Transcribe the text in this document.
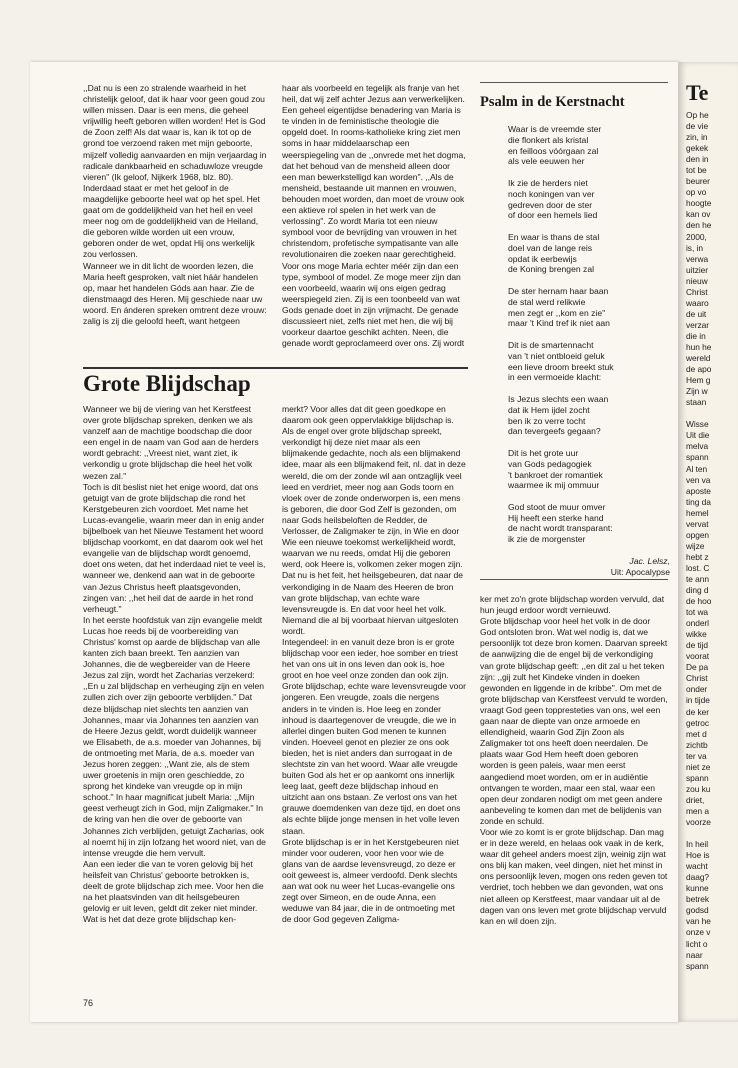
,,Dat nu is een zo stralende waarheid in het christelijk geloof, dat ik haar voor geen goud zou willen missen. Daar is een mens, die geheel vrijwillig heeft geboren willen worden! Het is God de Zoon zelf! Als dat waar is, kan ik tot op de grond toe verzoend raken met mijn geboorte, mijzelf volledig aanvaarden en mijn verjaardag in radicale dankbaarheid en schaduwloze vreugde vieren'' (Ik geloof, Nijkerk 1968, blz. 80).
Inderdaad staat er met het geloof in de maagdelijke geboorte heel wat op het spel. Het gaat om de goddelijkheid van het heil en veel meer nog om de goddelijkheid van de Heiland, die geboren wilde worden uit een vrouw, geboren onder de wet, opdat Hij ons werkelijk zou verlossen.
Wanneer we in dit licht de woorden lezen, die Maria heeft gesproken, valt niet háár handelen op, maar het handelen Góds aan haar. Zie de dienstmaagd des Heren. Mij geschiede naar uw woord. En ánderen spreken omtrent deze vrouw: zalig is zij die geloofd heeft, want hetgeen
haar als voorbeeld en tegelijk als franje van het heil, dat wij zelf achter Jezus aan verwerkelijken. Een geheel eigentijdse benadering van Maria is te vinden in de feministische theologie die opgeld doet. In rooms-katholieke kring ziet men soms in haar middelaarschap een weerspiegeling van de ,,onvrede met het dogma, dat het behoud van de mensheid alleen door een man bewerkstelligd kan worden''. ,,Als de mensheid, bestaande uit mannen en vrouwen, behouden moet worden, dan moet de vrouw ook een aktieve rol spelen in het werk van de verlossing''. Zo wordt Maria tot een nieuw symbool voor de bevrijding van vrouwen in het christendom, profetische sympatisante van alle revolutionairen die zoeken naar gerechtigheid. Voor ons moge Maria echter méér zijn dan een type, symbool of model. Ze moge meer zijn dan een voorbeeld, waarin wij ons eigen gedrag weerspiegeld zien. Zij is een toonbeeld van wat Gods genade doet in zijn vrijmacht. De genade discussieert niet, zelfs niet met hen, die wij bij voorkeur daartoe geschikt achten. Neen, die genade wordt geproclameerd over ons. Zij wordt

Psalm in de Kerstnacht
Waar is de vreemde ster
die flonkert als kristal
en feilloos vóórgaan zal
als vele eeuwen her
Ik zie de herders niet
noch koningen van ver
gedreven door de ster
of door een hemels lied
En waar is thans de stal
doel van de lange reis
opdat ik eerbewijs
de Koning brengen zal
De ster hernam haar baan
de stal werd relikwie
men zegt er ,,kom en zie''
maar 't Kind tref ik niet aan
Dit is de smartennacht
van 't niet ontbloeid geluk
een lieve droom breekt stuk
in een vermoeide klacht:
Is Jezus slechts een waan
dat ik Hem ijdel zocht
ben ik zo verre tocht
dan tevergeefs gegaan?
Dit is het grote uur
van Gods pedagogiek
't bankroet der romantiek
waarmee ik mij ommuur
God stoot de muur omver
Hij heeft een sterke hand
de nacht wordt transparant:
ik zie de morgenster
Jac. Lelsz,
Uit: Apocalypse
Grote Blijdschap
Wanneer we bij de viering van het Kerstfeest over grote blijdschap spreken, denken we als vanzelf aan de machtige boodschap die door een engel in de naam van God aan de herders wordt gebracht: ,,Vreest niet, want ziet, ik verkondig u grote blijdschap die heel het volk wezen zal.''
Toch is dit beslist niet het enige woord, dat ons getuigt van de grote blijdschap die rond het Kerstgebeuren zich voordoet. Met name het Lucas-evangelie, waarin meer dan in enig ander bijbelboek van het Nieuwe Testament het woord blijdschap voorkomt, en dat daarom ook wel het evangelie van de blijdschap wordt genoemd, doet ons weten, dat het inderdaad niet te veel is, wanneer we, denkend aan wat in de geboorte van Jezus Christus heeft plaatsgevonden, zingen van: ,,het heil dat de aarde in het rond verheugt.''
In het eerste hoofdstuk van zijn evangelie meldt Lucas hoe reeds bij de voorbereiding van Christus' komst op aarde de blijdschap van alle kanten zich baan breekt. Ten aanzien van Johannes, die de wegbereider van de Heere Jezus zal zijn, wordt het Zacharias verzekerd: ,,En u zal blijdschap en verheuging zijn en velen zullen zich over zijn geboorte verblijden.'' Dat deze blijdschap niet slechts ten aanzien van Johannes, maar via Johannes ten aanzien van de Heere Jezus geldt, wordt duidelijk wanneer we Elisabeth, de a.s. moeder van Johannes, bij de ontmoeting met Maria, de a.s. moeder van Jezus horen zeggen: ,,Want zie, als de stem uwer groetenis in mijn oren geschiedde, zo sprong het kindeke van vreugde op in mijn schoot.'' In haar magnificat jubelt Maria: ,,Mijn geest verheugt zich in God, mijn Zaligmaker.'' In de kring van hen die over de geboorte van Johannes zich verblijden, getuigt Zacharias, ook al noemt hij in zijn lofzang het woord niet, van de intense vreugde die hem vervult.
Aan een ieder die van te voren gelovig bij het heilsfeit van Christus' geboorte betrokken is, deelt de grote blijdschap zich mee. Voor hen die na het plaatsvinden van dit heilsgebeuren gelovig er uit leven, geldt dit zeker niet minder.
Wat is het dat deze grote blijdschap ken-
merkt? Voor alles dat dit geen goedkope en daarom ook geen oppervlakkige blijdschap is. Als de engel over grote blijdschap spreekt, verkondigt hij deze niet maar als een blijmakende gedachte, noch als een blijmakend idee, maar als een blijmakend feit, nl. dat in deze wereld, die om der zonde wil aan ontzaglijk veel leed en verdriet, meer nog aan Gods toorn en vloek over de zonde onderworpen is, een mens is geboren, die door God Zelf is gezonden, om naar Gods heilsbeloften de Redder, de Verlosser, de Zaligmaker te zijn, in Wie en door Wie een nieuwe toekomst werkelijkheid wordt, waarvan we nu reeds, omdat Hij die geboren werd, ook Heere is, volkomen zeker mogen zijn.
Dat nu is het feit, het heilsgebeuren, dat naar de verkondiging in de Naam des Heeren de bron van grote blijdschap, van echte ware levensvreugde is. En dat voor heel het volk. Niemand die al bij voorbaat hiervan uitgesloten wordt.
Integendeel: in en vanuit deze bron is er grote blijdschap voor een ieder, hoe somber en triest het van ons uit in ons leven dan ook is, hoe groot en hoe veel onze zonden dan ook zijn. Grote blijdschap, echte ware levensvreugde voor jongeren. Een vreugde, zoals die nergens anders in te vinden is. Hoe leeg en zonder inhoud is daartegenover de vreugde, die we in allerlei dingen buiten God menen te kunnen vinden. Hoeveel genot en plezier ze ons ook bieden, het is niet anders dan surrogaat in de slechtste zin van het woord. Waar alle vreugde buiten God als het er op aankomt ons innerlijk leeg laat, geeft deze blijdschap inhoud en uitzicht aan ons bstaan. Ze verlost ons van het grauwe doemdenken van deze tijd, en doet ons als echte blijde jonge mensen in het volle leven staan.
Grote blijdschap is er in het Kerstgebeuren niet minder voor ouderen, voor hen voor wie de glans van de aardse levensvreugd, zo deze er ooit geweest is, almeer verdoofd. Denk slechts aan wat ook nu weer het Lucas-evangelie ons zegt over Simeon, en de oude Anna, een weduwe van 84 jaar, die in de ontmoeting met de door God gegeven Zaligma-
ker met zo'n grote blijdschap worden vervuld, dat hun jeugd erdoor wordt vernieuwd.
Grote blijdschap voor heel het volk in de door God ontsloten bron. Wat wel nodig is, dat we persoonlijk tot deze bron komen. Daarvan spreekt de aanwijzing die de engel bij de verkondiging van grote blijdschap geeft: ,,en dit zal u het teken zijn: ,,gij zult het Kindeke vinden in doeken gewonden en liggende in de kribbe''. Om met de grote blijdschap van Kerstfeest vervuld te worden, vraagt God geen toppresteties van ons, wel een gaan naar de diepte van onze armoede en ellendigheid, waarin God Zijn Zoon als Zaligmaker tot ons heeft doen neerdalen. De plaats waar God Hem heeft doen geboren worden is geen paleis, waar men eerst aangediend moet worden, om er in audiëntie ontvangen te worden, maar een stal, waar een open deur zondaren nodigt om met geen andere aanbeveling te komen dan met de belijdenis van zonde en schuld.
Voor wie zo komt is er grote blijdschap. Dan mag er in deze wereld, en helaas ook vaak in de kerk, waar dit geheel anders moest zijn, weinig zijn wat ons blij kan maken, veel dingen, niet het minst in ons persoonlijk leven, mogen ons reden geven tot verdriet, toch hebben we dan gevonden, wat ons niet alleen op Kerstfeest, maar vandaar uit al de dagen van ons leven met grote blijdschap vervuld kan en wil doen zijn.

76
Te
Op he
de vie
zin, in
gekek
den in
tot be
beurer
op vo
hoogte
kan ov
den he
2000,
is, in
verwa
uitzier
nieuw
Christ
waaro
de uit
verzar
die in
hun he
wereld
de apo
Hem g
Zijn w
staan

Wisse
Uit die
melva
spann
Al ten
ven va
aposte
ting da
hemel
vervat
opgen
wijze
hebt z
lost. C
te ann
ding d
de hoo
tot wa
onderl
wikke
de tijd
voorat
De pa
Christ
onder
in tijde
de ker
getroc
met d
zichtb
ter va
niet ze
spann
zou ku
driet,
men a
voorze

In heil
Hoe is
wacht
daag?
kunne
betrek
godsd
van he
onze v
licht o
naar
spann
